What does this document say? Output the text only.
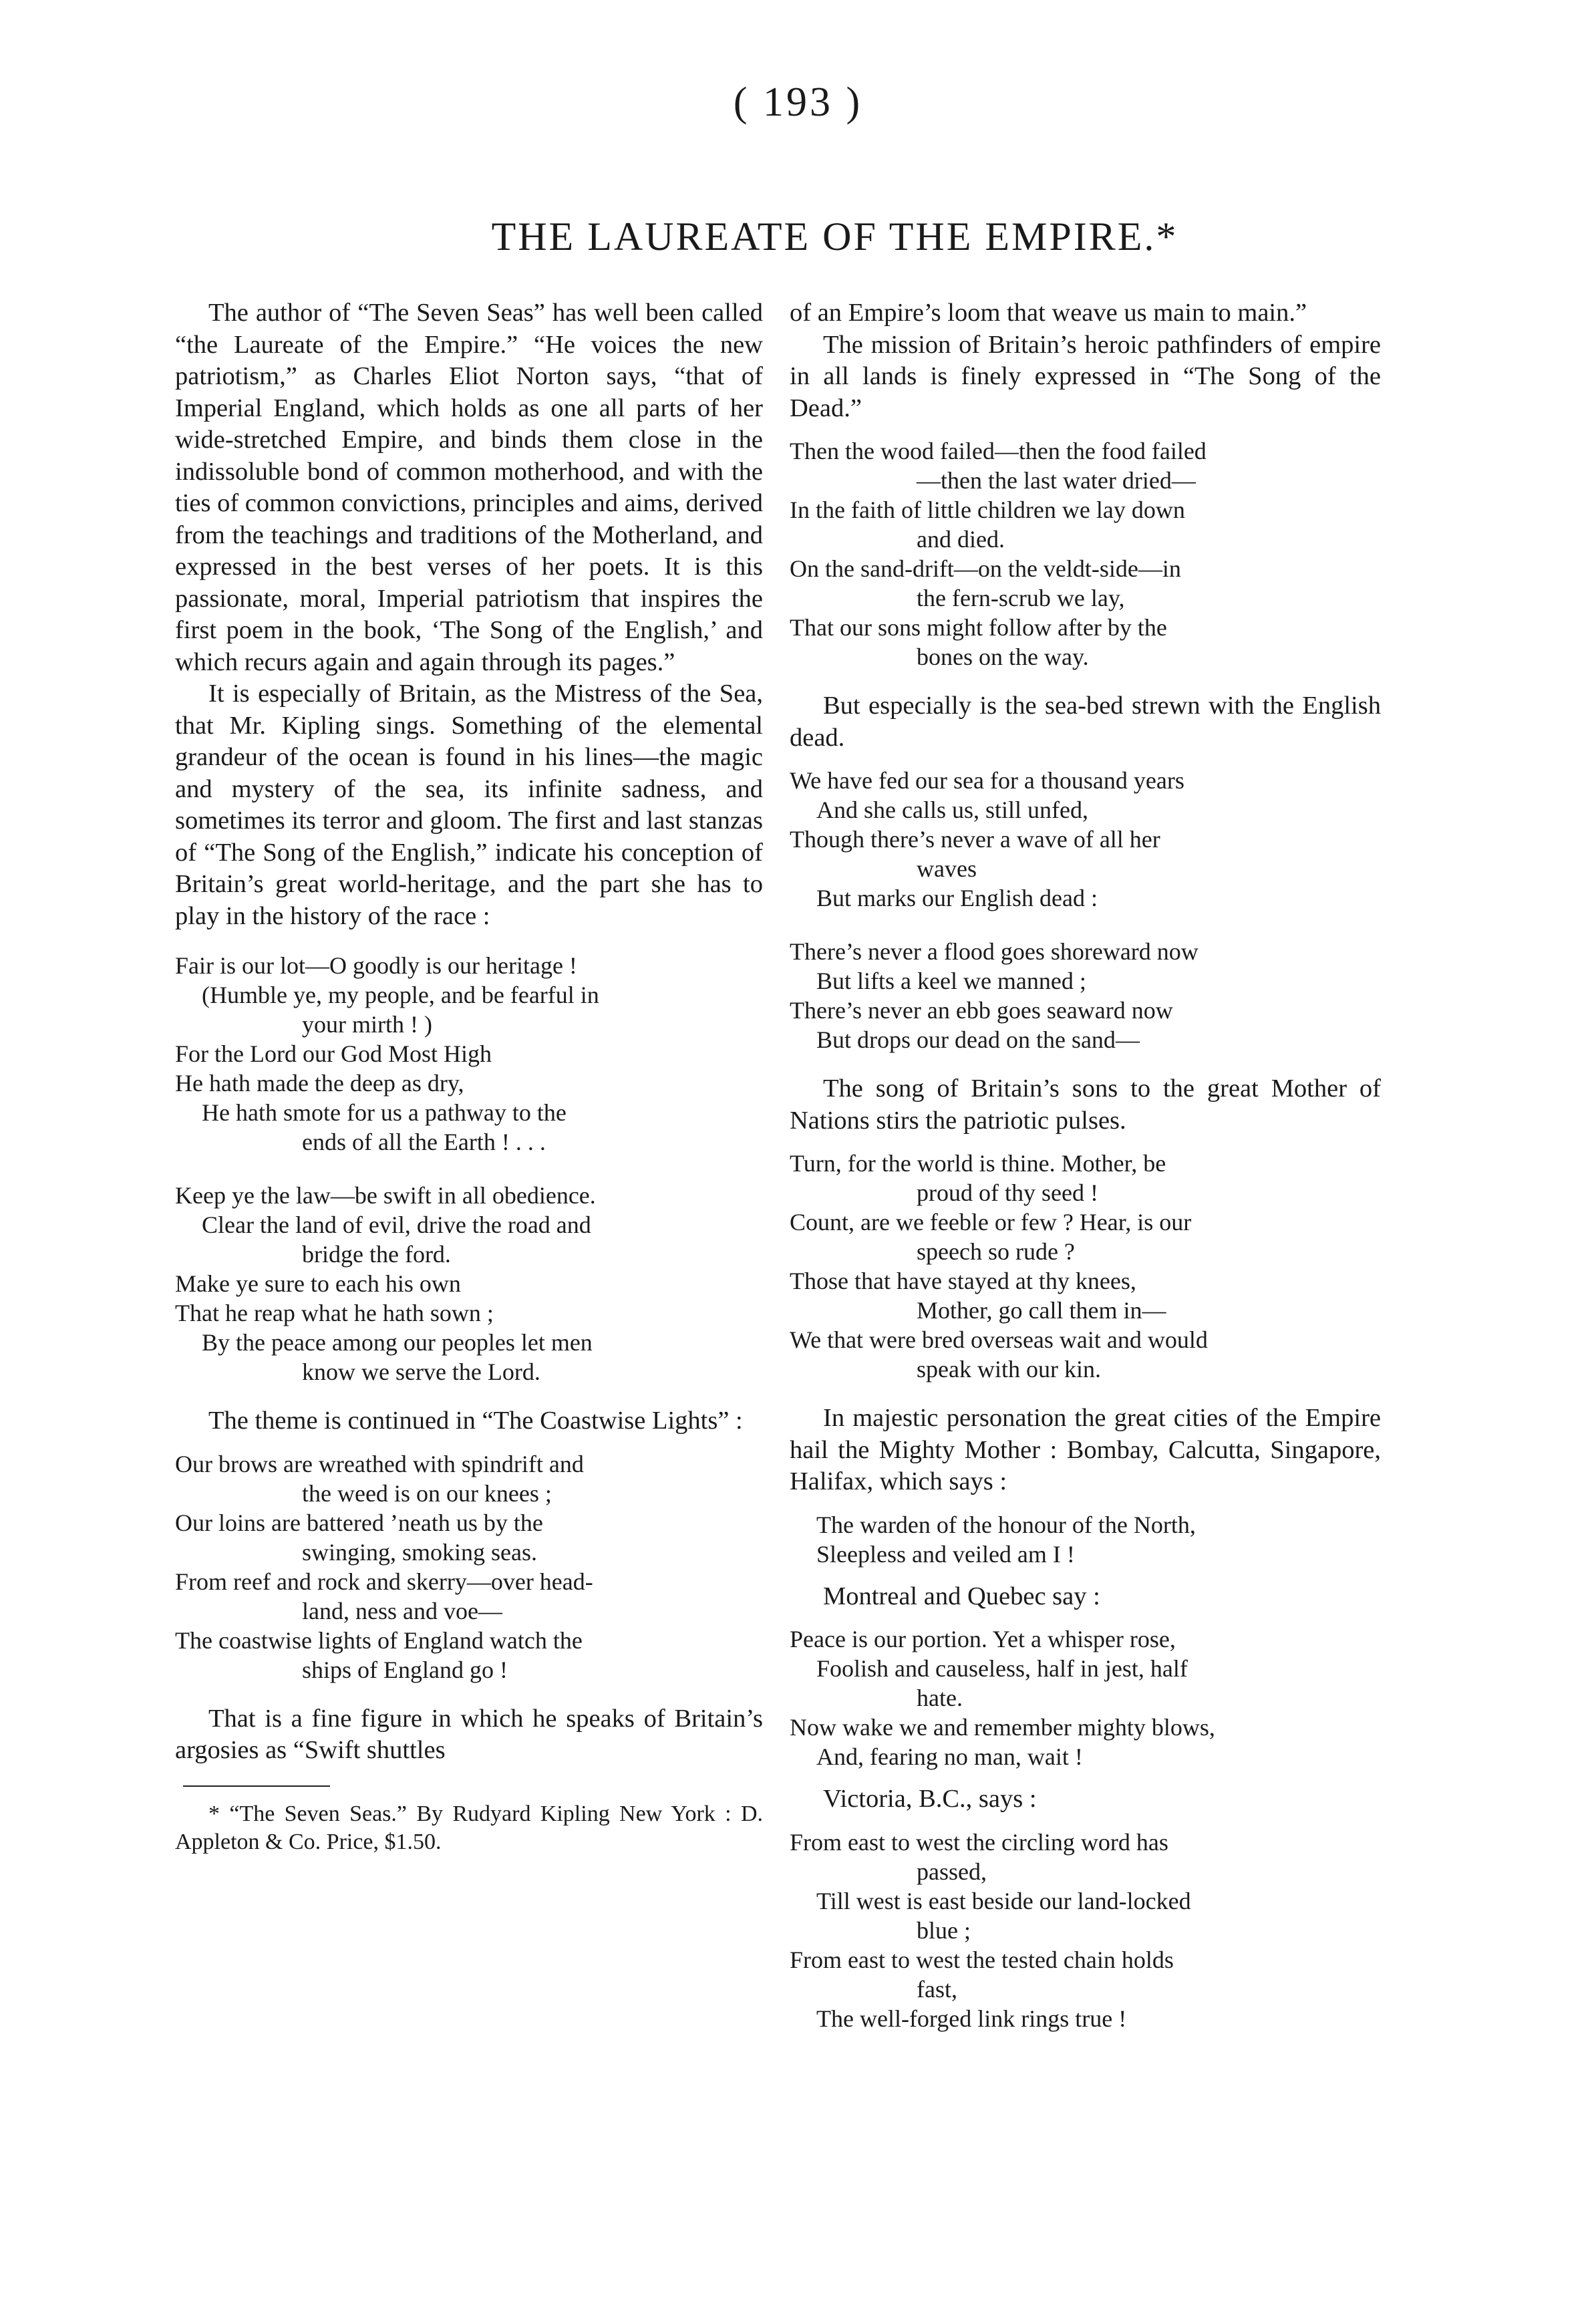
( 193 )
THE LAUREATE OF THE EMPIRE.*

The author of “The Seven Seas” has well been called “the Laureate of the Empire.” “He voices the new patriotism,” as Charles Eliot Norton says, “that of Imperial England, which holds as one all parts of her wide-stretched Empire, and binds them close in the indissoluble bond of common motherhood, and with the ties of common convictions, principles and aims, derived from the teachings and traditions of the Motherland, and expressed in the best verses of her poets. It is this passionate, moral, Imperial patriotism that inspires the first poem in the book, ‘The Song of the English,’ and which recurs again and again through its pages.”

It is especially of Britain, as the Mistress of the Sea, that Mr. Kipling sings. Something of the elemental grandeur of the ocean is found in his lines—the magic and mystery of the sea, its infinite sadness, and sometimes its terror and gloom. The first and last stanzas of “The Song of the English,” indicate his conception of Britain’s great world-heritage, and the part she has to play in the history of the race :

Fair is our lot—O goodly is our heritage !
(Humble ye, my people, and be fearful in
your mirth ! )
For the Lord our God Most High
He hath made the deep as dry,
He hath smote for us a pathway to the
ends of all the Earth ! . . .
Keep ye the law—be swift in all obedience.
Clear the land of evil, drive the road and
bridge the ford.
Make ye sure to each his own
That he reap what he hath sown ;
By the peace among our peoples let men
know we serve the Lord.

The theme is continued in “The Coastwise Lights” :

Our brows are wreathed with spindrift and
the weed is on our knees ;
Our loins are battered ’neath us by the
swinging, smoking seas.
From reef and rock and skerry—over head-
land, ness and voe—
The coastwise lights of England watch the
ships of England go !

That is a fine figure in which he speaks of Britain’s argosies as “Swift shuttles

* “The Seven Seas.” By Rudyard Kipling New York : D. Appleton & Co. Price, $1.50.

of an Empire’s loom that weave us main to main.”

The mission of Britain’s heroic pathfinders of empire in all lands is finely expressed in “The Song of the Dead.”

Then the wood failed—then the food failed
—then the last water dried—
In the faith of little children we lay down
and died.
On the sand-drift—on the veldt-side—in
the fern-scrub we lay,
That our sons might follow after by the
bones on the way.

But especially is the sea-bed strewn with the English dead.

We have fed our sea for a thousand years
And she calls us, still unfed,
Though there’s never a wave of all her
waves
But marks our English dead :
There’s never a flood goes shoreward now
But lifts a keel we manned ;
There’s never an ebb goes seaward now
But drops our dead on the sand—

The song of Britain’s sons to the great Mother of Nations stirs the patriotic pulses.

Turn, for the world is thine. Mother, be
proud of thy seed !
Count, are we feeble or few ? Hear, is our
speech so rude ?
Those that have stayed at thy knees,
Mother, go call them in—
We that were bred overseas wait and would
speak with our kin.

In majestic personation the great cities of the Empire hail the Mighty Mother : Bombay, Calcutta, Singapore, Halifax, which says :

The warden of the honour of the North,
Sleepless and veiled am I !

Montreal and Quebec say :

Peace is our portion. Yet a whisper rose,
Foolish and causeless, half in jest, half
hate.
Now wake we and remember mighty blows,
And, fearing no man, wait !

Victoria, B.C., says :

From east to west the circling word has
passed,
Till west is east beside our land-locked
blue ;
From east to west the tested chain holds
fast,
The well-forged link rings true !
